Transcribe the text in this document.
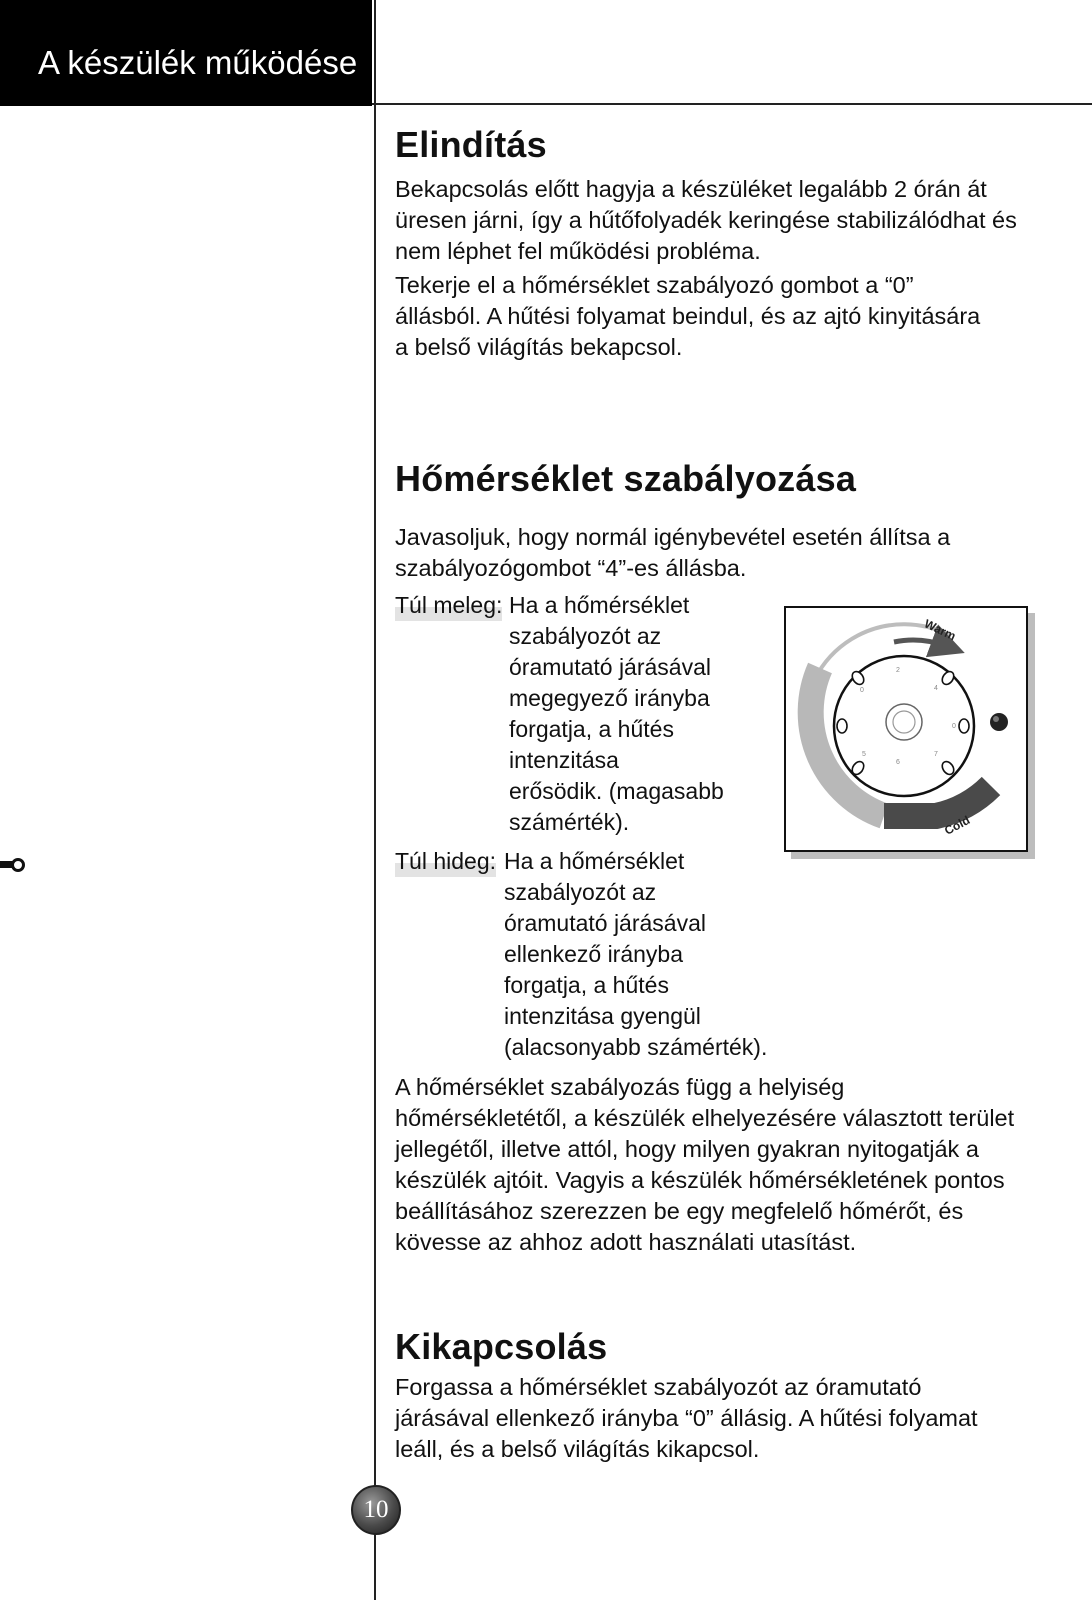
A készülék működése
Elindítás

Bekapcsolás előtt hagyja a készüléket legalább 2 órán át üresen járni, így a hűtőfolyadék keringése stabilizálódhat és nem léphet fel működési probléma.

Tekerje el a hőmérséklet szabályozó gombot a “0” állásból. A hűtési folyamat beindul, és az ajtó kinyitására a belső világítás bekapcsol.

Hőmérséklet szabályozása

Javasoljuk, hogy normál igénybevétel esetén állítsa a szabályozógombot “4”-es állásba.

Túl meleg: Ha a hőmérséklet
szabályozót az
óramutató járásával
megegyező irányba
forgatja, a hűtés
intenzitása
erősödik. (magasabb
számérték).
Túl hideg: Ha a hőmérséklet
szabályozót az
óramutató járásával
ellenkező irányba
forgatja, a hűtés
intenzitása gyengül
(alacsonyabb számérték).
0
2
4
0
7
6
5
Warm
Cold

A hőmérséklet szabályozás függ a helyiség hőmérsékletétől, a készülék elhelyezésére választott terület jellegétől, illetve attól, hogy milyen gyakran nyitogatják a készülék ajtóit. Vagyis a készülék hőmérsékletének pontos beállításához szerezzen be egy megfelelő hőmérőt, és kövesse az ahhoz adott használati utasítást.

Kikapcsolás

Forgassa a hőmérséklet szabályozót az óramutató járásával ellenkező irányba “0” állásig. A hűtési folyamat leáll, és a belső világítás kikapcsol.

10
